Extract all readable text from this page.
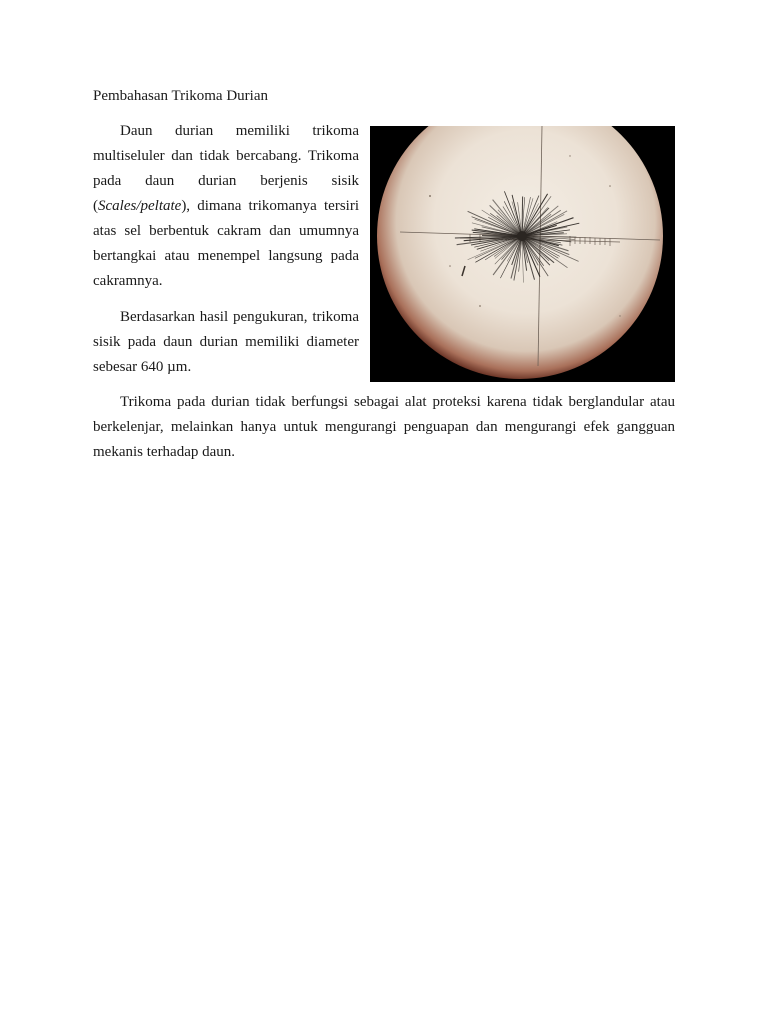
Pembahasan Trikoma Durian

Daun durian memiliki trikoma multiseluler dan tidak bercabang. Trikoma pada daun durian berjenis sisik (Scales/peltate), dimana trikomanya tersiri atas sel berbentuk cakram dan umumnya bertangkai atau menempel langsung pada cakramnya.

Berdasarkan hasil pengukuran, trikoma sisik pada daun durian memiliki diameter sebesar 640 µm.

Trikoma pada durian tidak berfungsi sebagai alat proteksi karena tidak berglandular atau berkelenjar, melainkan hanya untuk mengurangi penguapan dan mengurangi efek gangguan mekanis terhadap daun.
